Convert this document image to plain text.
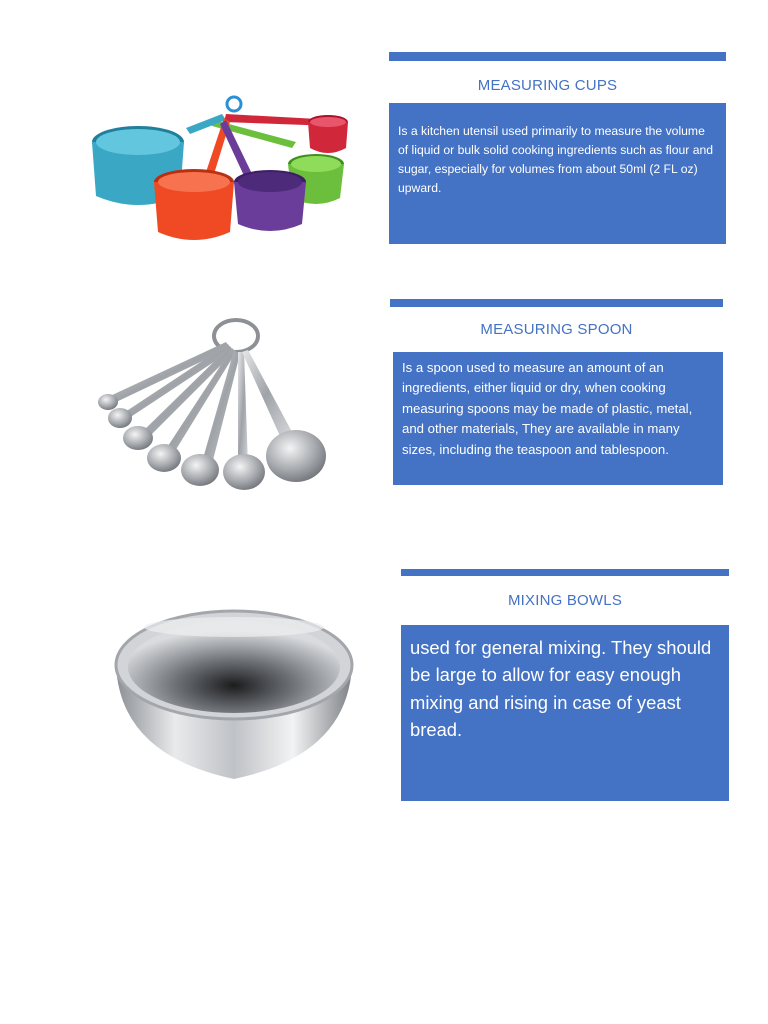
MEASURING CUPS

Is a kitchen utensil used primarily to measure the volume of liquid or bulk solid cooking ingredients such as flour and sugar, especially for volumes from about 50ml (2 FL oz) upward.

MEASURING SPOON

Is a spoon used to measure an amount of an ingredients, either liquid or dry, when cooking measuring spoons may be made of plastic, metal, and other materials, They are available in many sizes, including the teaspoon and tablespoon.

MIXING BOWLS

used for general mixing. They should be large to allow for easy enough mixing and rising in case of yeast bread.
